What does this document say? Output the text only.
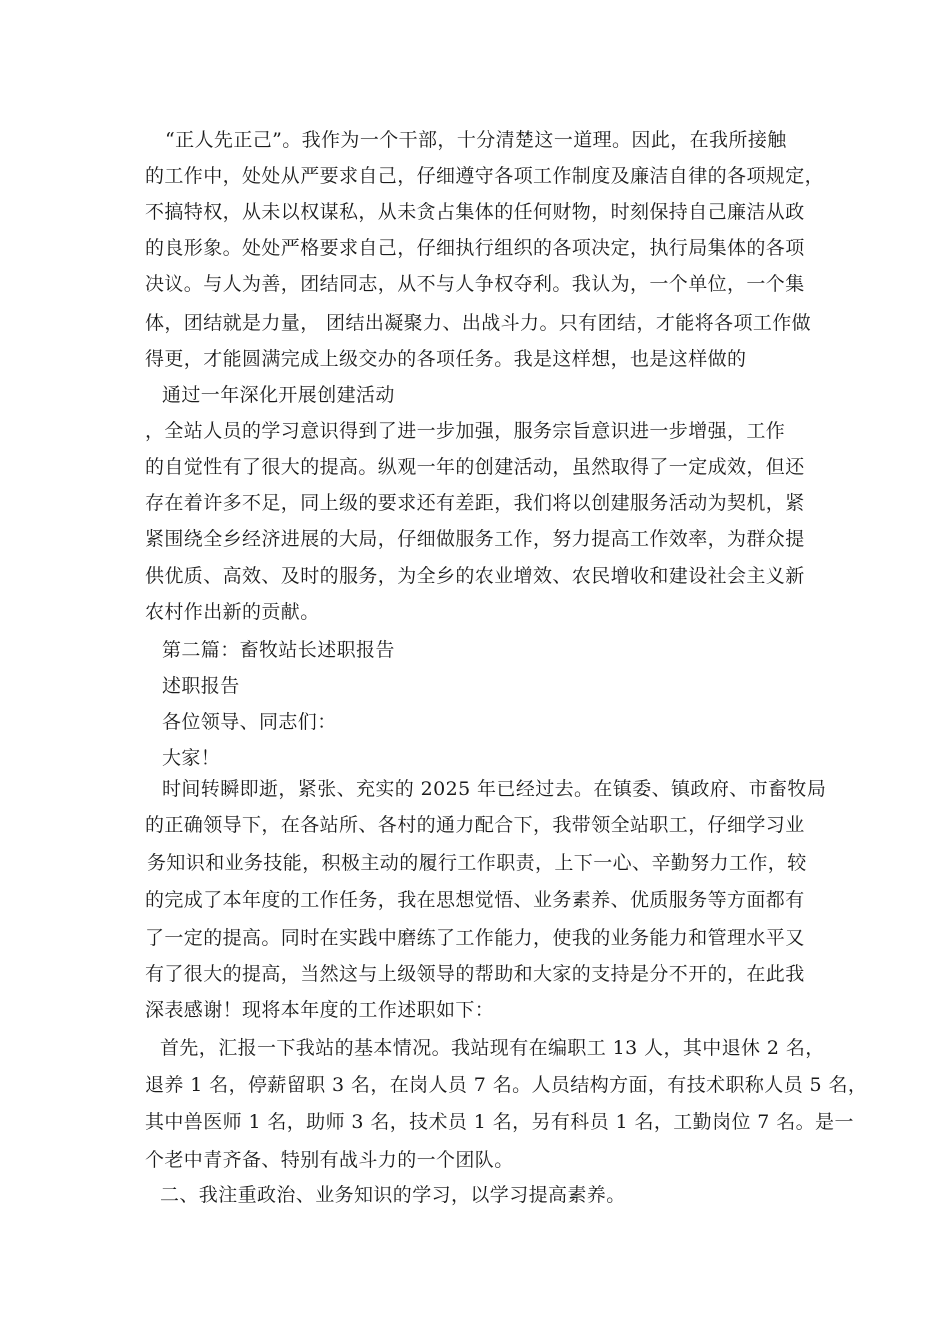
“正人先正己”。我作为一个干部，十分清楚这一道理。因此，在我所接触
的工作中，处处从严要求自己，仔细遵守各项工作制度及廉洁自律的各项规定，
不搞特权，从未以权谋私，从未贪占集体的任何财物，时刻保持自己廉洁从政
的良形象。处处严格要求自己，仔细执行组织的各项决定，执行局集体的各项
决议。与人为善，团结同志，从不与人争权夺利。我认为，一个单位，一个集
体，团结就是力量， 团结出凝聚力、出战斗力。只有团结，才能将各项工作做
得更，才能圆满完成上级交办的各项任务。我是这样想，也是这样做的
通过一年深化开展创建活动
，全站人员的学习意识得到了进一步加强，服务宗旨意识进一步增强，工作
的自觉性有了很大的提高。纵观一年的创建活动，虽然取得了一定成效，但还
存在着许多不足，同上级的要求还有差距，我们将以创建服务活动为契机，紧
紧围绕全乡经济进展的大局，仔细做服务工作，努力提高工作效率，为群众提
供优质、高效、及时的服务，为全乡的农业增效、农民增收和建设社会主义新
农村作出新的贡献。
第二篇：畜牧站长述职报告
述职报告
各位领导、同志们：
大家！
时间转瞬即逝，紧张、充实的 2025 年已经过去。在镇委、镇政府、市畜牧局
的正确领导下，在各站所、各村的通力配合下，我带领全站职工，仔细学习业
务知识和业务技能，积极主动的履行工作职责，上下一心、辛勤努力工作，较
的完成了本年度的工作任务，我在思想觉悟、业务素养、优质服务等方面都有
了一定的提高。同时在实践中磨练了工作能力，使我的业务能力和管理水平又
有了很大的提高，当然这与上级领导的帮助和大家的支持是分不开的，在此我
深表感谢！现将本年度的工作述职如下：
首先，汇报一下我站的基本情况。我站现有在编职工 13 人，其中退休 2 名，
退养 1 名，停薪留职 3 名，在岗人员 7 名。人员结构方面，有技术职称人员 5 名，
其中兽医师 1 名，助师 3 名，技术员 1 名，另有科员 1 名，工勤岗位 7 名。是一
个老中青齐备、特别有战斗力的一个团队。
二、我注重政治、业务知识的学习，以学习提高素养。
